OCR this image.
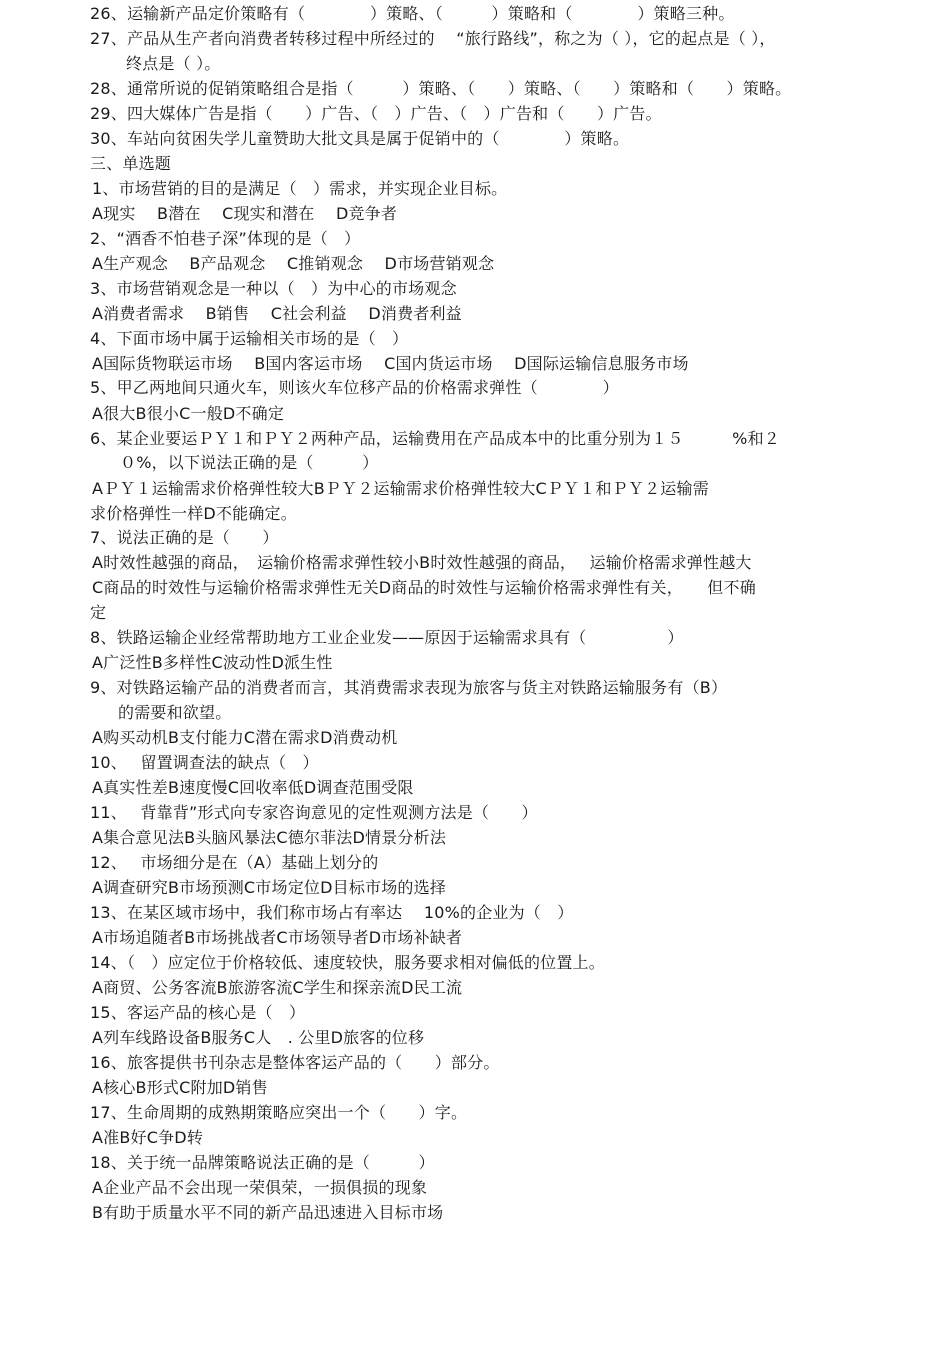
26、运输新产品定价策略有（　　　　）策略、（　　　）策略和（　　　　）策略三种。
27、产品从生产者向消费者转移过程中所经过的　 “旅行路线”，称之为（ ），它的起点是（ ），
终点是（ ）。
28、通常所说的促销策略组合是指（　　　）策略、（　　）策略、（　　）策略和（　　）策略。
29、四大媒体广告是指（　　）广告、（　）广告、（　）广告和（　　）广告。
30、车站向贫困失学儿童赞助大批文具是属于促销中的（　　　　）策略。
三、单选题
1、市场营销的目的是满足（　）需求，并实现企业目标。
A现实　 B潜在　 C现实和潜在　 D竞争者
2、“酒香不怕巷子深”体现的是（　）
A生产观念　 B产品观念　 C推销观念　 D市场营销观念
3、市场营销观念是一种以（　）为中心的市场观念
A消费者需求　 B销售　 C社会利益　 D消费者利益
4、下面市场中属于运输相关市场的是（　）
A国际货物联运市场　 B国内客运市场　 C国内货运市场　 D国际运输信息服务市场
5、甲乙两地间只通火车，则该火车位移产品的价格需求弹性（　　　　）
A很大B很小C一般D不确定
6、某企业要运ＰＹ１和ＰＹ２两种产品，运输费用在产品成本中的比重分别为１５　　　%和２
０%，以下说法正确的是（　　　）
AＰＹ１运输需求价格弹性较大BＰＹ２运输需求价格弹性较大CＰＹ１和ＰＹ２运输需
求价格弹性一样D不能确定。
7、说法正确的是（　　）
A时效性越强的商品，　运输价格需求弹性较小B时效性越强的商品，　 运输价格需求弹性越大
C商品的时效性与运输价格需求弹性无关D商品的时效性与运输价格需求弹性有关，　　但不确
定
8、铁路运输企业经常帮助地方工业企业发——原因于运输需求具有（　　　　　）
A广泛性B多样性C波动性D派生性
9、对铁路运输产品的消费者而言，其消费需求表现为旅客与货主对铁路运输服务有（B）
的需要和欲望。
A购买动机B支付能力C潜在需求D消费动机
10、　 留置调查法的缺点（　）
A真实性差B速度慢C回收率低D调查范围受限
11、　 背靠背”形式向专家咨询意见的定性观测方法是（　　）
A集合意见法B头脑风暴法C德尔菲法D情景分析法
12、　 市场细分是在（A）基础上划分的
A调查研究B市场预测C市场定位D目标市场的选择
13、在某区域市场中，我们称市场占有率达　 10%的企业为（　）
A市场追随者B市场挑战者C市场领导者D市场补缺者
14、（　）应定位于价格较低、速度较快，服务要求相对偏低的位置上。
A商贸、公务客流B旅游客流C学生和探亲流D民工流
15、客运产品的核心是（　）
A列车线路设备B服务C人　. 公里D旅客的位移
16、旅客提供书刊杂志是整体客运产品的（　　）部分。
A核心B形式C附加D销售
17、生命周期的成熟期策略应突出一个（　　）字。
A准B好C争D转
18、关于统一品牌策略说法正确的是（　　　）
A企业产品不会出现一荣俱荣，一损俱损的现象
B有助于质量水平不同的新产品迅速进入目标市场
